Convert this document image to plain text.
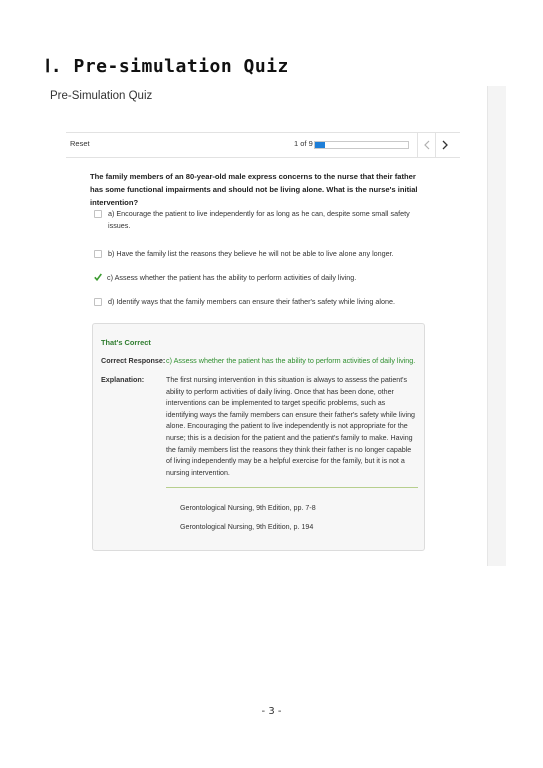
Ⅰ. Pre-simulation Quiz
Pre-Simulation Quiz
Reset	1 of 9
The family members of an 80-year-old male express concerns to the nurse that their father has some functional impairments and should not be living alone. What is the nurse's initial intervention?
a) Encourage the patient to live independently for as long as he can, despite some small safety issues.
b) Have the family list the reasons they believe he will not be able to live alone any longer.
c) Assess whether the patient has the ability to perform activities of daily living.
d) Identify ways that the family members can ensure their father's safety while living alone.
That's Correct
Correct Response: c) Assess whether the patient has the ability to perform activities of daily living.
Explanation:	The first nursing intervention in this situation is always to assess the patient's ability to perform activities of daily living. Once that has been done, other interventions can be implemented to target specific problems, such as identifying ways the family members can ensure their father's safety while living alone. Encouraging the patient to live independently is not appropriate for the nurse; this is a decision for the patient and the patient's family to make. Having the family members list the reasons they think their father is no longer capable of living independently may be a helpful exercise for the family, but it is not a nursing intervention.
Gerontological Nursing, 9th Edition, pp. 7-8
Gerontological Nursing, 9th Edition, p. 194
- 3 -
